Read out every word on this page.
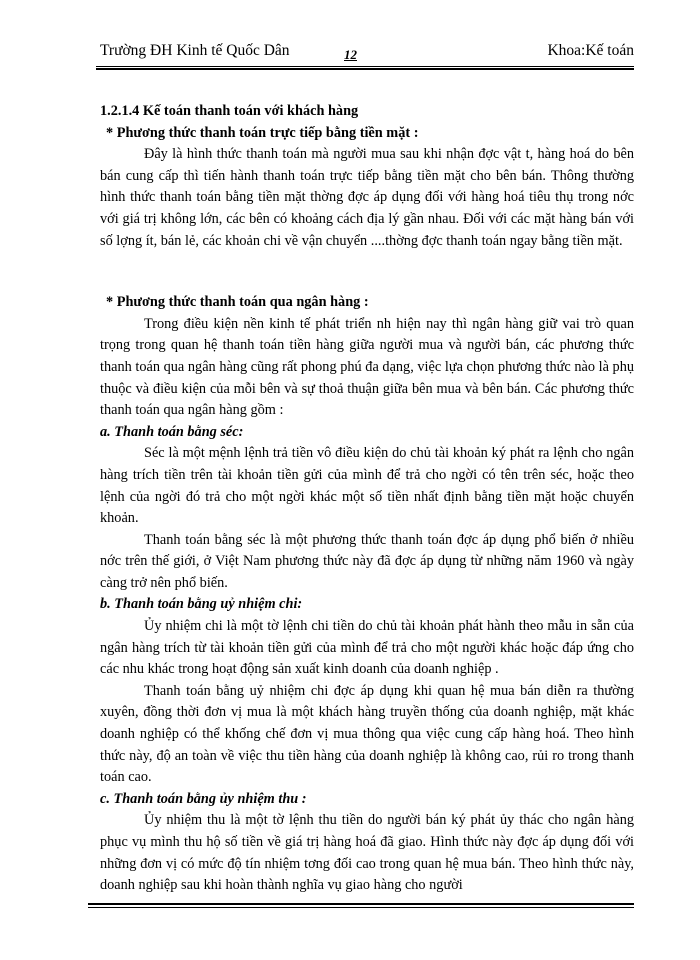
Trường ĐH Kinh tế Quốc Dân	12	Khoa:Kế toán

1.2.1.4 Kế toán thanh toán với khách hàng

* Phương thức thanh toán trực tiếp bằng tiền mặt :

Đây là hình thức thanh toán mà người mua sau khi nhận đợc vật t, hàng hoá do bên bán cung cấp thì tiến hành thanh toán trực tiếp bằng tiền mặt cho bên bán. Thông thường hình thức thanh toán bằng tiền mặt thờng đợc áp dụng đối với hàng hoá tiêu thụ trong nớc với giá trị không lớn, các bên có khoảng cách địa lý gần nhau. Đối với các mặt hàng bán với số lợng ít, bán lẻ, các khoản chi về vận chuyển ....thờng đợc thanh toán ngay bằng tiền mặt.

* Phương thức thanh toán qua ngân hàng :

Trong điều kiện nền kinh tế phát triển nh hiện nay thì ngân hàng giữ vai trò quan trọng trong quan hệ thanh toán tiền hàng giữa người mua và người bán, các phương thức thanh toán qua ngân hàng cũng rất phong phú đa dạng, việc lựa chọn phương thức nào là phụ thuộc và điều kiện của mỗi bên và sự thoả thuận giữa bên mua và bên bán. Các phương thức thanh toán qua ngân hàng gồm :

a. Thanh toán bằng séc:

Séc là một mệnh lệnh trả tiền vô điều kiện do chủ tài khoản ký phát ra lệnh cho ngân hàng trích tiền trên tài khoản tiền gửi của mình để trả cho ngời có tên trên séc, hoặc theo lệnh của ngời đó trả cho một ngời khác một số tiền nhất định bằng tiền mặt hoặc chuyển khoản.

Thanh toán bằng séc là một phương thức thanh toán đợc áp dụng phổ biến ở nhiều nớc trên thế giới, ở Việt Nam phương thức này đã đợc áp dụng từ những năm 1960 và ngày càng trở nên phổ biến.

b. Thanh toán bằng uỷ nhiệm chi:

Ủy nhiệm chi là một tờ lệnh chi tiền do chủ tài khoản phát hành theo mẫu in sẵn của ngân hàng trích từ tài khoản tiền gửi của mình để trả cho một người khác hoặc đáp ứng cho các nhu khác trong hoạt động sản xuất kinh doanh của doanh nghiệp .

Thanh toán bằng uỷ nhiệm chi đợc áp dụng khi quan hệ mua bán diễn ra thường xuyên, đồng thời đơn vị mua là một khách hàng truyền thống của doanh nghiệp, mặt khác doanh nghiệp có thể khống chế đơn vị mua thông qua việc cung cấp hàng hoá. Theo hình thức này, độ an toàn về việc thu tiền hàng của doanh nghiệp là không cao, rủi ro trong thanh toán cao.

c. Thanh toán bằng ủy nhiệm thu :

Ủy nhiệm thu là một tờ lệnh thu tiền do người bán ký phát ủy thác cho ngân hàng phục vụ mình thu hộ số tiền về giá trị hàng hoá đã giao. Hình thức này đợc áp dụng đối với những đơn vị có mức độ tín nhiệm tơng đối cao trong quan hệ mua bán. Theo hình thức này, doanh nghiệp sau khi hoàn thành nghĩa vụ giao hàng cho người
